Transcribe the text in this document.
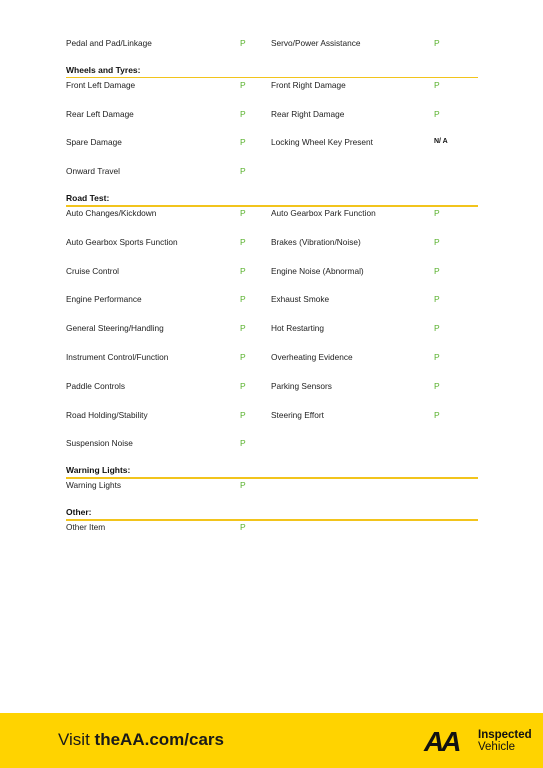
Pedal and Pad/Linkage	P	Servo/Power Assistance	P
Wheels and Tyres:
Front Left Damage	P	Front Right Damage	P
Rear Left Damage	P	Rear Right Damage	P
Spare Damage	P	Locking Wheel Key Present	N/ A
Onward Travel	P
Road Test:
Auto Changes/Kickdown	P	Auto Gearbox Park Function	P
Auto Gearbox Sports Function	P	Brakes (Vibration/Noise)	P
Cruise Control	P	Engine Noise (Abnormal)	P
Engine Performance	P	Exhaust Smoke	P
General Steering/Handling	P	Hot Restarting	P
Instrument Control/Function	P	Overheating Evidence	P
Paddle Controls	P	Parking Sensors	P
Road Holding/Stability	P	Steering Effort	P
Suspension Noise	P
Warning Lights:
Warning Lights	P
Other:
Other Item	P
Visit theAA.com/cars	AA Inspected
Vehicle
